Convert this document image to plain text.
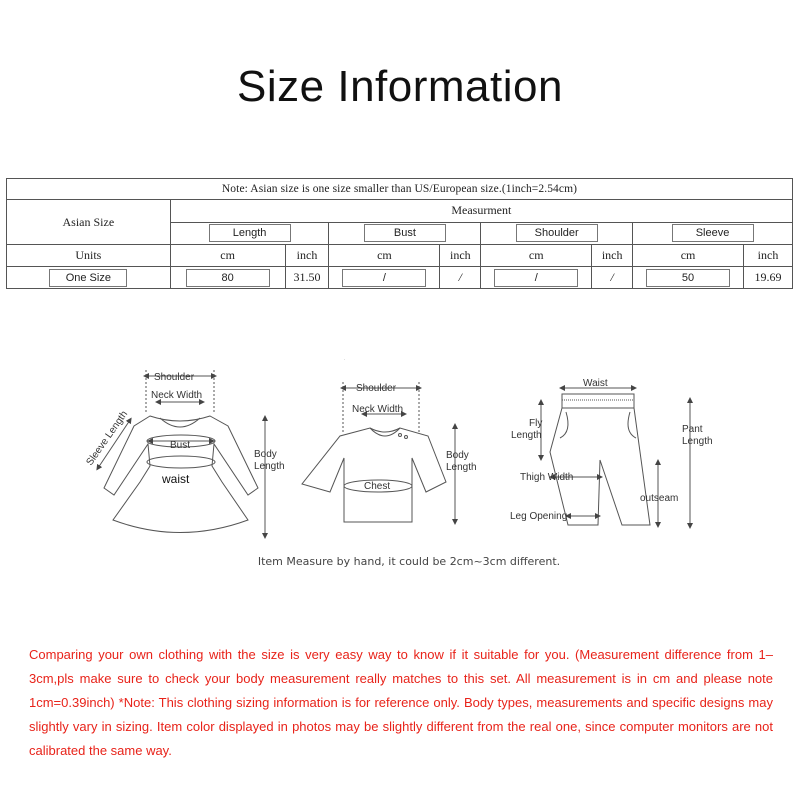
Size Information
Note: Asian size is one size smaller than US/European size.(1inch=2.54cm)								
Asian Size	Measurment							
	Length		Bust		Shoulder		Sleeve	
Units	cm	inch	cm	inch	cm	inch	cm	inch
One Size	80	31.50	/	/	/	/	50	19.69
Shoulder
Neck Width
Bust
waist
Body
Length
Sleeve Length
.
Shoulder
Neck Width
Chest
Body
Length
Waist
Fly
Length
Pant
Length
Thigh Width
outseam
Leg Opening
Item Measure by hand, it could be 2cm~3cm different.
Comparing your own clothing with the size is very easy way to know if it suitable for you. (Measurement difference from 1– 3cm,pls make sure to check your body measurement really matches to this set. All measurement is in cm and please note 1cm=0.39inch) *Note: This clothing sizing information is for reference only. Body types, measurements and specific designs may slightly vary in sizing. Item color displayed in photos may be slightly different from the real one, since computer monitors are not calibrated the same way.
